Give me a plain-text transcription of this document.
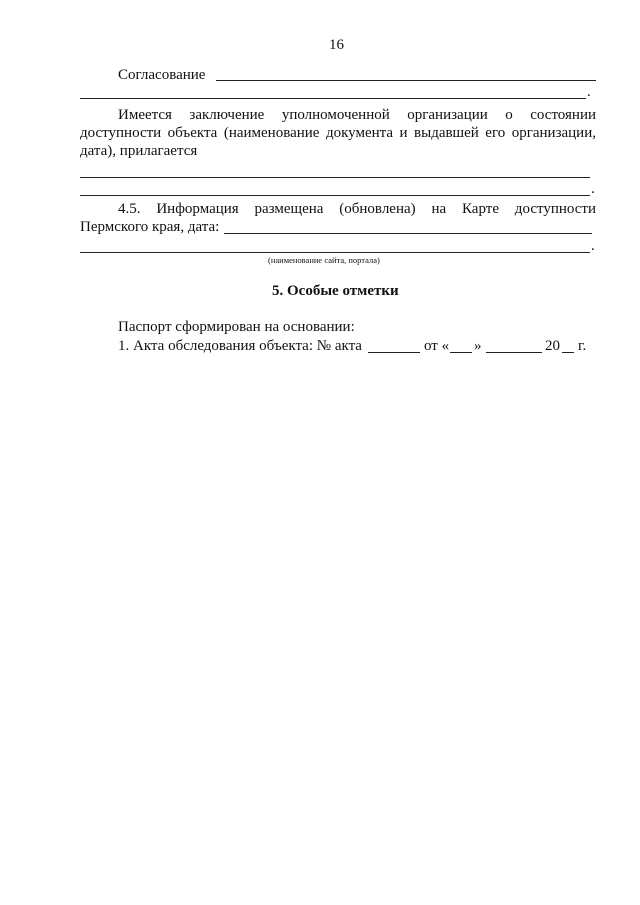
16
Согласование
.
Имеется заключение уполномоченной организации о состоянии
доступности объекта (наименование документа и выдавшей его организации,
дата), прилагается
.
4.5. Информация размещена (обновлена) на Карте доступности
Пермского края, дата:
.
(наименование сайта, портала)
5. Особые отметки
Паспорт сформирован на основании:
1. Акта обследования объекта: № акта	от « »	20 г.
